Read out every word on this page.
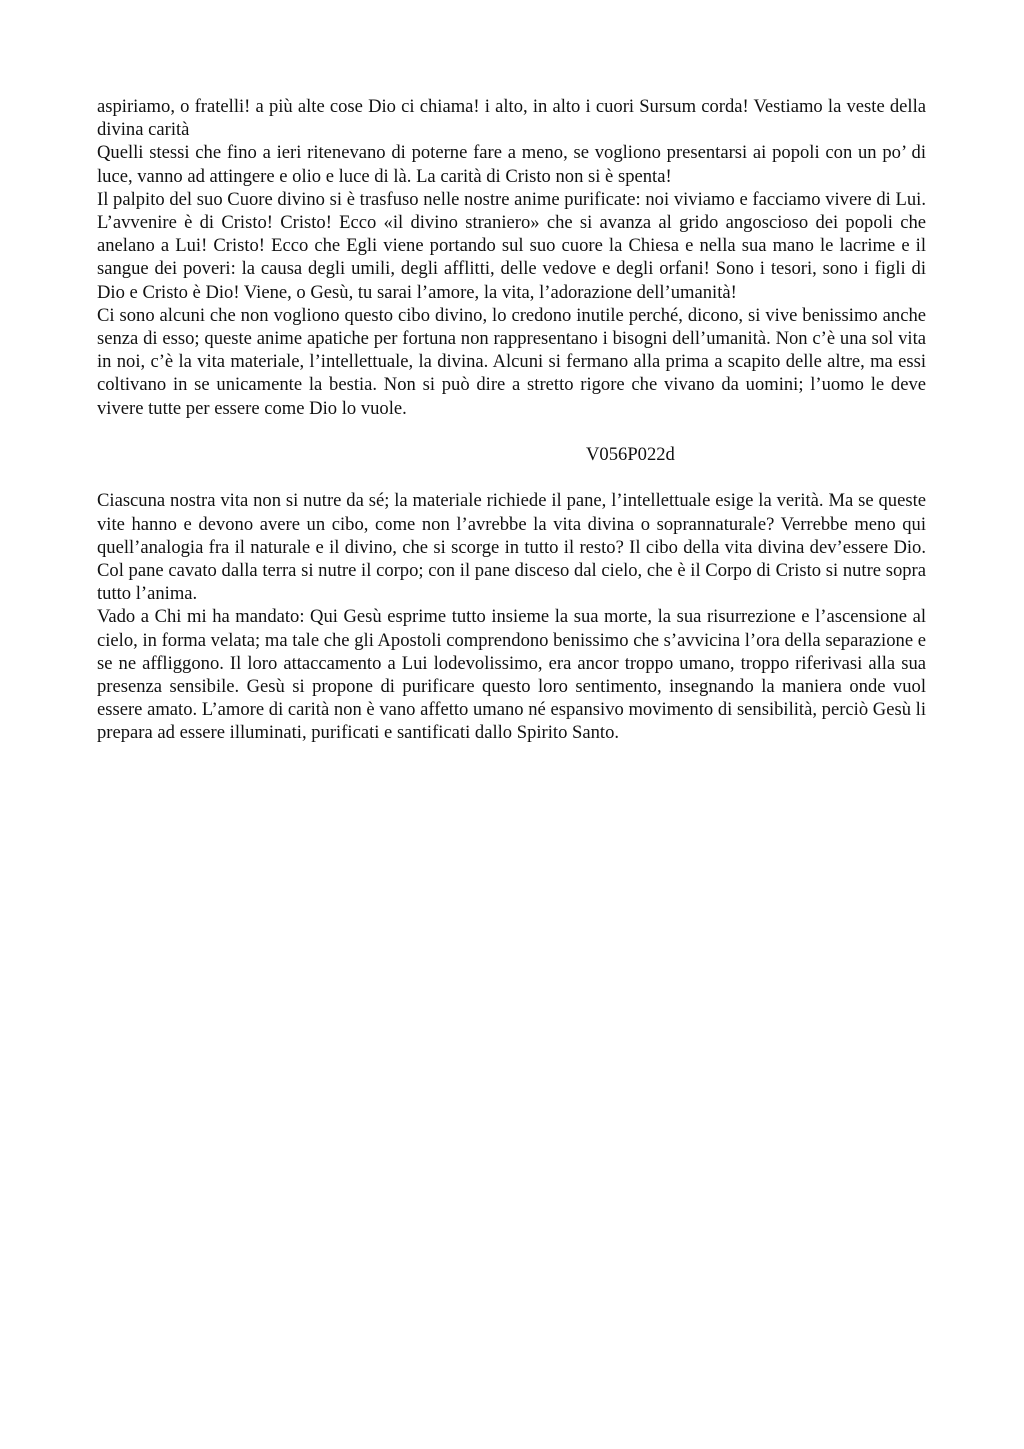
aspiriamo, o fratelli! a più alte cose Dio ci chiama! i alto, in alto i cuori Sursum corda! Vestiamo la veste della divina carità

Quelli stessi che fino a ieri ritenevano di poterne fare a meno, se vogliono presentarsi ai popoli con un po’ di luce, vanno ad attingere e olio e luce di là. La carità di Cristo non si è spenta!

Il palpito del suo Cuore divino si è trasfuso nelle nostre anime purificate: noi viviamo e facciamo vivere di Lui. L’avvenire è di Cristo! Cristo! Ecco «il divino straniero» che si avanza al grido angoscioso dei popoli che anelano a Lui! Cristo! Ecco che Egli viene portando sul suo cuore la Chiesa e nella sua mano le lacrime e il sangue dei poveri: la causa degli umili, degli afflitti, delle vedove e degli orfani! Sono i tesori, sono i figli di Dio e Cristo è Dio! Viene, o Gesù, tu sarai l’amore, la vita, l’adorazione dell’umanità!

Ci sono alcuni che non vogliono questo cibo divino, lo credono inutile perché, dicono, si vive benissimo anche senza di esso; queste anime apatiche per fortuna non rappresentano i bisogni dell’umanità. Non c’è una sol vita in noi, c’è la vita materiale, l’intellettuale, la divina. Alcuni si fermano alla prima a scapito delle altre, ma essi coltivano in se unicamente la bestia. Non si può dire a stretto rigore che vivano da uomini; l’uomo le deve vivere tutte per essere come Dio lo vuole.

V056P022d

Ciascuna nostra vita non si nutre da sé; la materiale richiede il pane, l’intellettuale esige la verità. Ma se queste vite hanno e devono avere un cibo, come non l’avrebbe la vita divina o soprannaturale? Verrebbe meno qui quell’analogia fra il naturale e il divino, che si scorge in tutto il resto? Il cibo della vita divina dev’essere Dio. Col pane cavato dalla terra si nutre il corpo; con il pane disceso dal cielo, che è il Corpo di Cristo si nutre sopra tutto l’anima.

Vado a Chi mi ha mandato: Qui Gesù esprime tutto insieme la sua morte, la sua risurrezione e l’ascensione al cielo, in forma velata; ma tale che gli Apostoli comprendono benissimo che s’avvicina l’ora della separazione e se ne affliggono. Il loro attaccamento a Lui lodevolissimo, era ancor troppo umano, troppo riferivasi alla sua presenza sensibile. Gesù si propone di purificare questo loro sentimento, insegnando la maniera onde vuol essere amato. L’amore di carità non è vano affetto umano né espansivo movimento di sensibilità, perciò Gesù li prepara ad essere illuminati, purificati e santificati dallo Spirito Santo.
